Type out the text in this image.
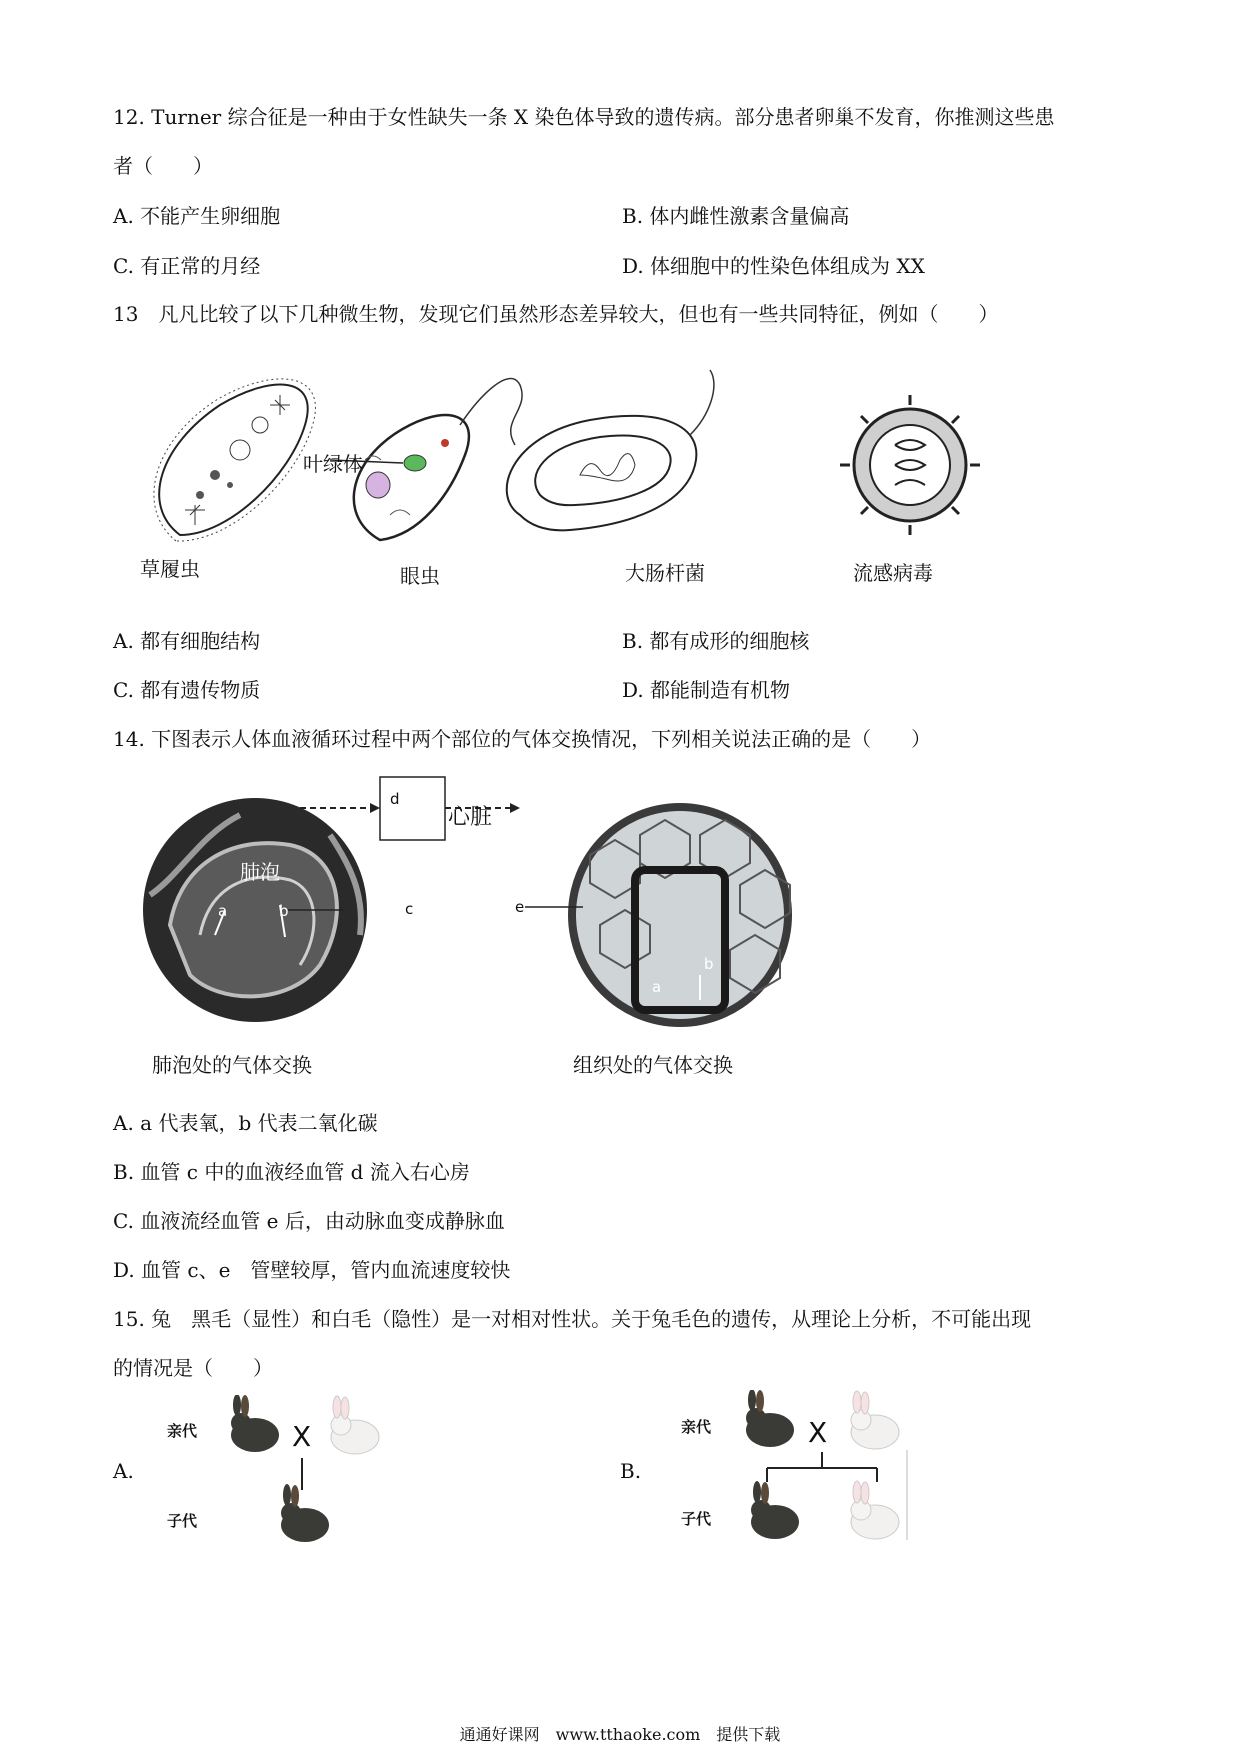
12. Turner 综合征是一种由于女性缺失一条 X 染色体导致的遗传病。部分患者卵巢不发育，你推测这些患
者（　　）
A. 不能产生卵细胞	B. 体内雌性激素含量偏高
C. 有正常的月经	D. 体细胞中的性染色体组成为 XX
13　凡凡比较了以下几种微生物，发现它们虽然形态差异较大，但也有一些共同特征，例如（　　）
叶绿体
草履虫	眼虫	大肠杆菌	流感病毒
A. 都有细胞结构	B. 都有成形的细胞核
C. 都有遗传物质	D. 都能制造有机物
14. 下图表示人体血液循环过程中两个部位的气体交换情况，下列相关说法正确的是（　　）
心脏
d
肺泡
a	b	c	e
a
b
肺泡处的气体交换	组织处的气体交换
A. a 代表氧，b 代表二氧化碳
B. 血管 c 中的血液经血管 d 流入右心房
C. 血液流经血管 e 后，由动脉血变成静脉血
D. 血管 c、e　管壁较厚，管内血流速度较快
15. 兔　黑毛（显性）和白毛（隐性）是一对相对性状。关于兔毛色的遗传，从理论上分析，不可能出现
的情况是（　　）
A.
亲代
子代
X
B.
亲代
子代
X
通通好课网　www.tthaoke.com　提供下载
